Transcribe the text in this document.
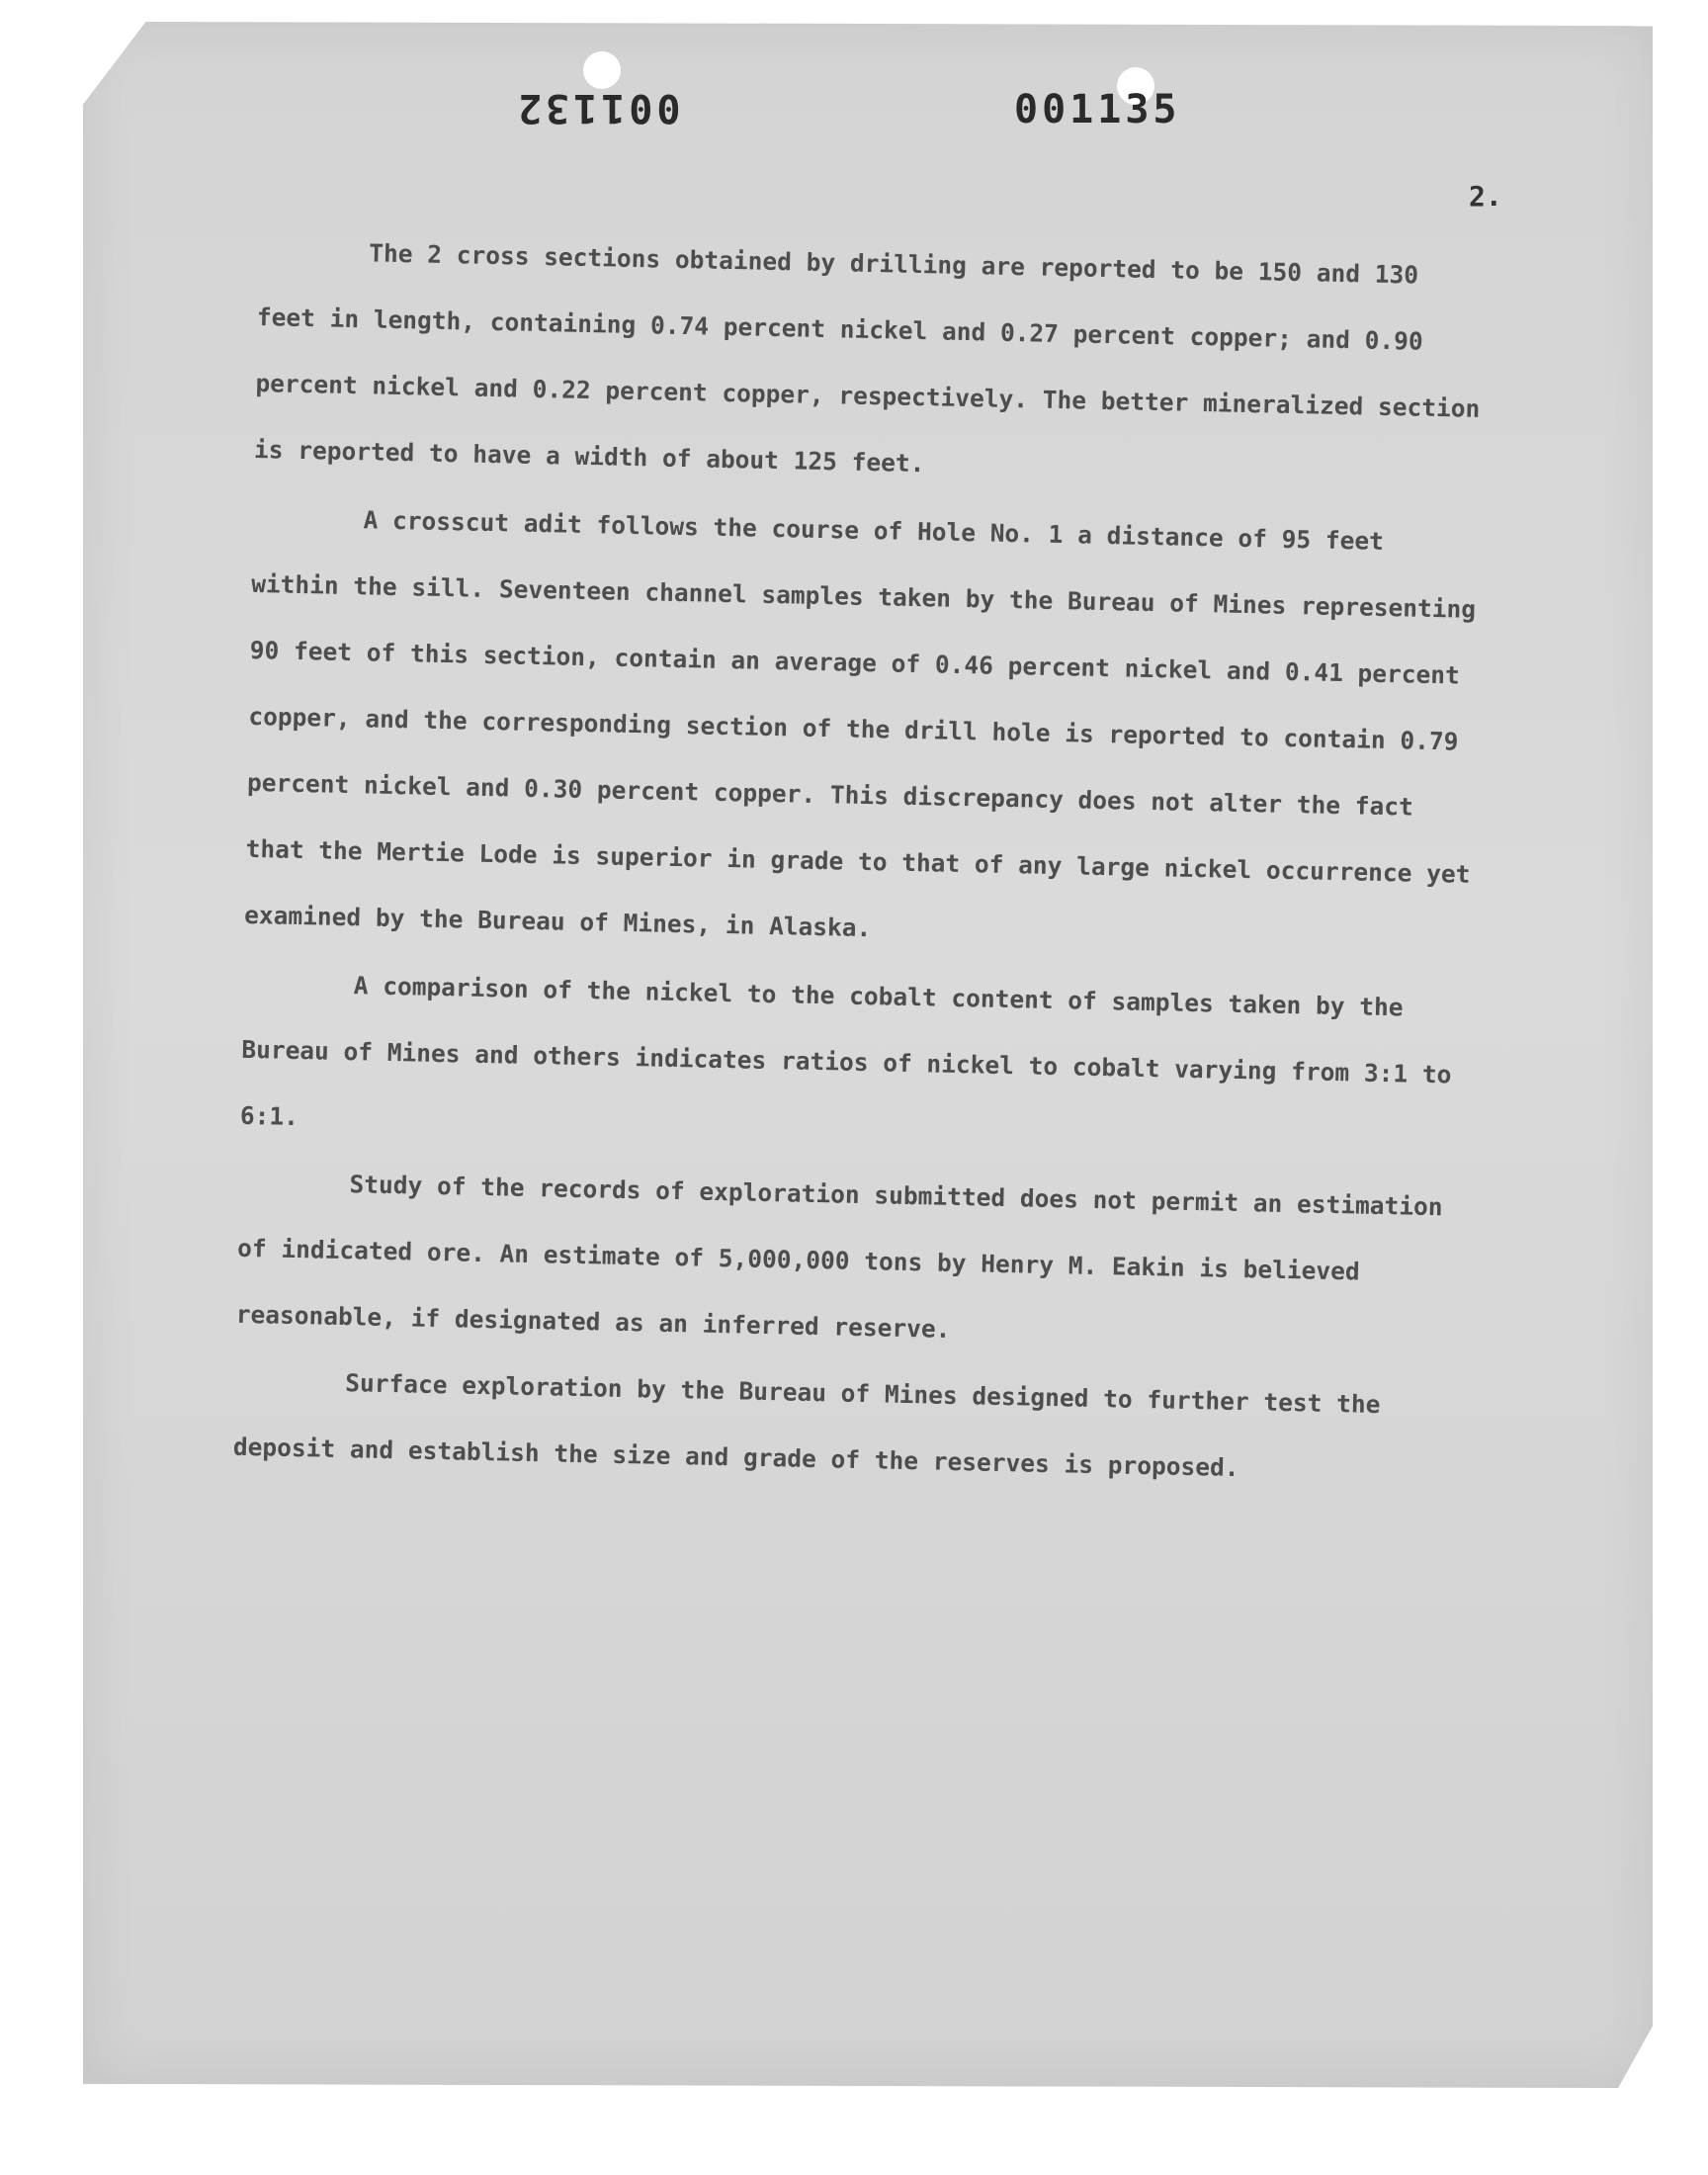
001132	001135
2.

The 2 cross sections obtained by drilling are reported to be 150 and 130 feet in length, containing 0.74 percent nickel and 0.27 percent copper; and 0.90 percent nickel and 0.22 percent copper, respectively. The better mineralized section is reported to have a width of about 125 feet.

A crosscut adit follows the course of Hole No. 1 a distance of 95 feet within the sill. Seventeen channel samples taken by the Bureau of Mines representing 90 feet of this section, contain an average of 0.46 percent nickel and 0.41 percent copper, and the corresponding section of the drill hole is reported to contain 0.79 percent nickel and 0.30 percent copper. This discrepancy does not alter the fact that the Mertie Lode is superior in grade to that of any large nickel occurrence yet examined by the Bureau of Mines, in Alaska.

A comparison of the nickel to the cobalt content of samples taken by the Bureau of Mines and others indicates ratios of nickel to cobalt varying from 3:1 to 6:1.

Study of the records of exploration submitted does not permit an estimation of indicated ore. An estimate of 5,000,000 tons by Henry M. Eakin is believed reasonable, if designated as an inferred reserve.

Surface exploration by the Bureau of Mines designed to further test the deposit and establish the size and grade of the reserves is proposed.
